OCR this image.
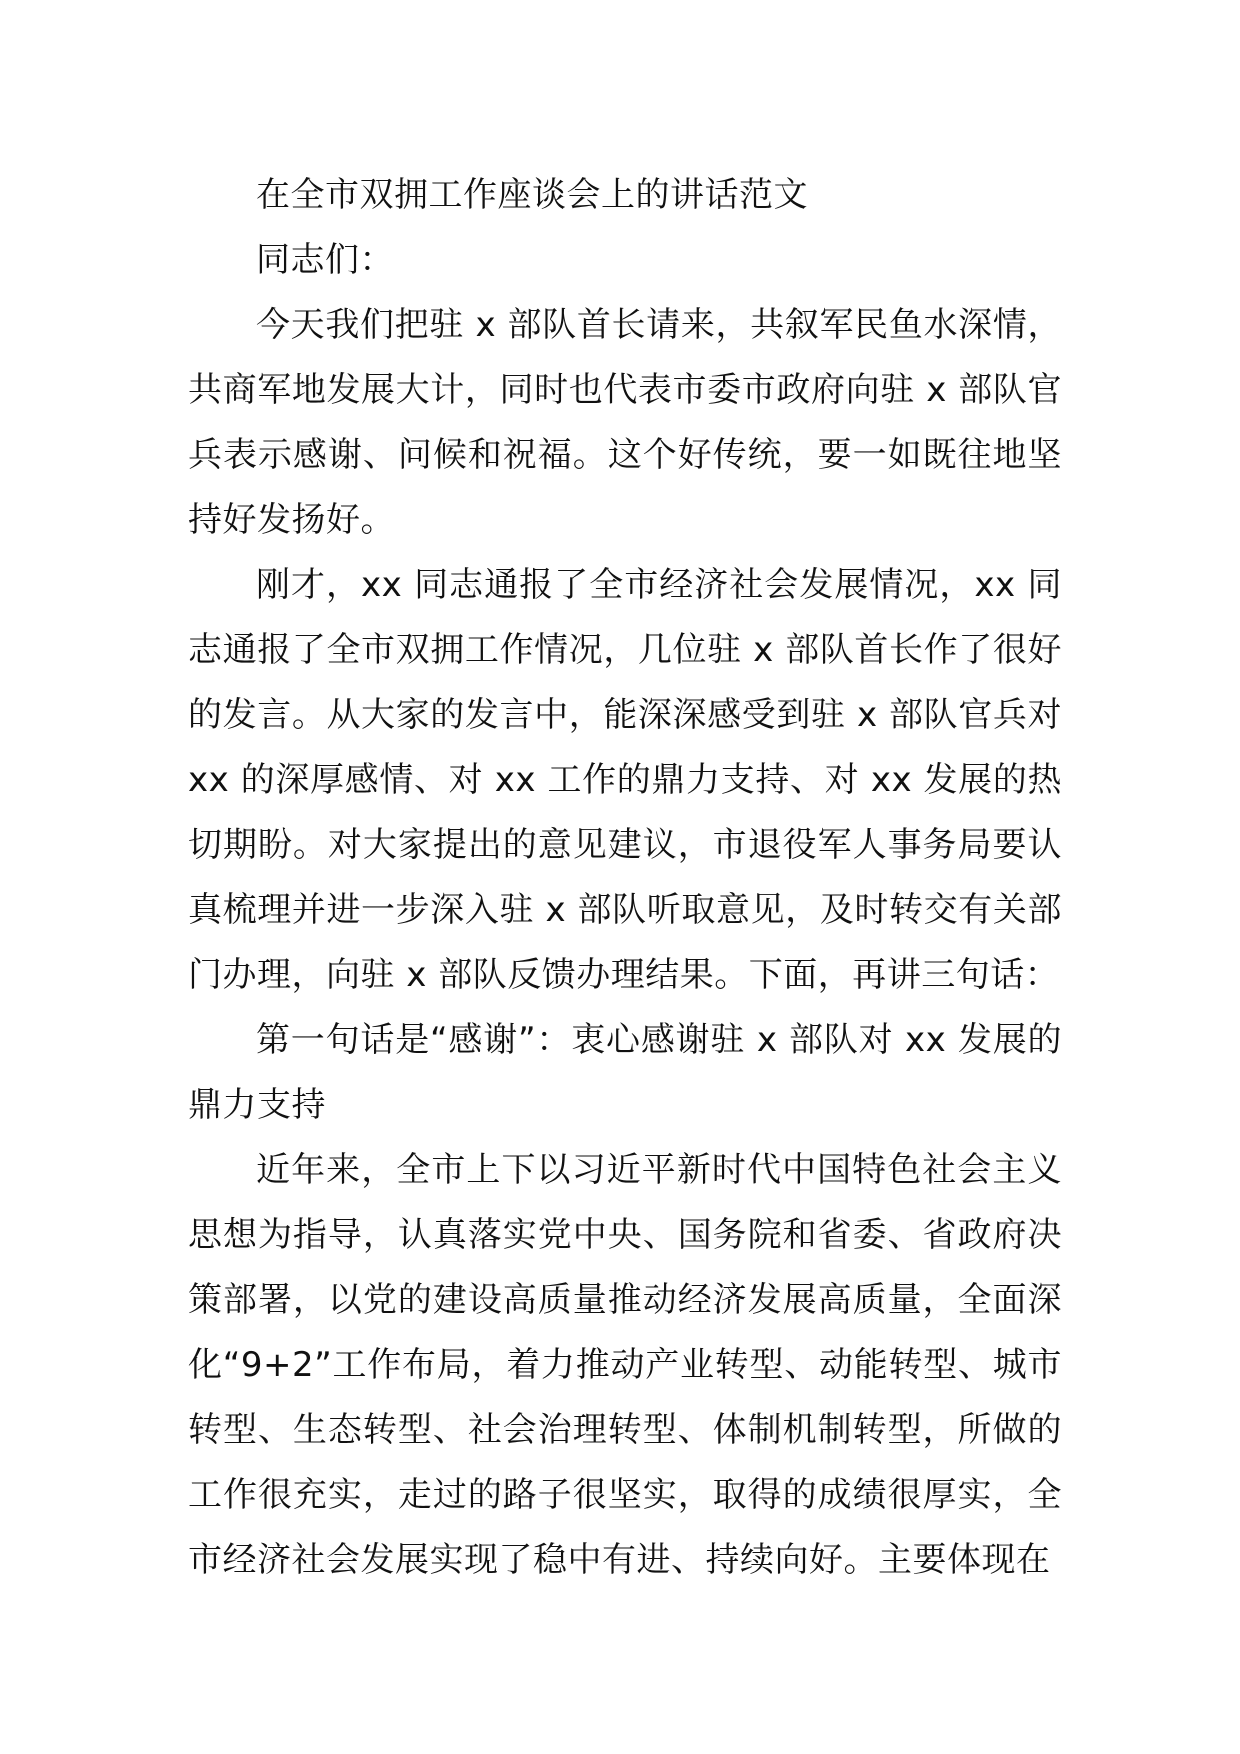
在全市双拥工作座谈会上的讲话范文

同志们：

今天我们把驻 x 部队首长请来，共叙军民鱼水深情，共商军地发展大计，同时也代表市委市政府向驻 x 部队官兵表示感谢、问候和祝福。这个好传统，要一如既往地坚持好发扬好。

刚才，xx 同志通报了全市经济社会发展情况，xx 同志通报了全市双拥工作情况，几位驻 x 部队首长作了很好的发言。从大家的发言中，能深深感受到驻 x 部队官兵对 xx 的深厚感情、对 xx 工作的鼎力支持、对 xx 发展的热切期盼。对大家提出的意见建议，市退役军人事务局要认真梳理并进一步深入驻 x 部队听取意见，及时转交有关部门办理，向驻 x 部队反馈办理结果。下面，再讲三句话：

第一句话是“感谢”：衷心感谢驻 x 部队对 xx 发展的鼎力支持

近年来，全市上下以习近平新时代中国特色社会主义思想为指导，认真落实党中央、国务院和省委、省政府决策部署，以党的建设高质量推动经济发展高质量，全面深化“9+2”工作布局，着力推动产业转型、动能转型、城市转型、生态转型、社会治理转型、体制机制转型，所做的工作很充实，走过的路子很坚实，取得的成绩很厚实，全市经济社会发展实现了稳中有进、持续向好。主要体现在
